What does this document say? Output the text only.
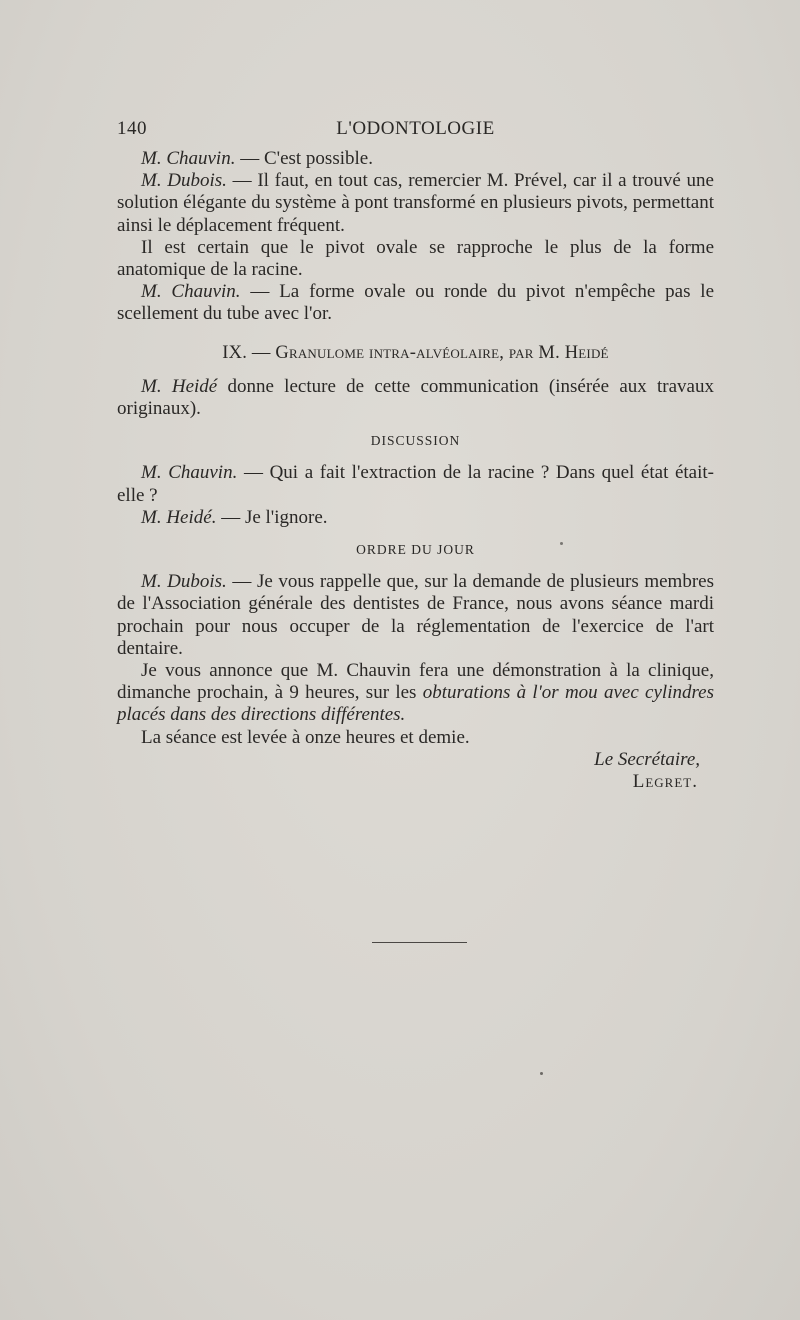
140	L'ODONTOLOGIE

M. Chauvin. — C'est possible.

M. Dubois. — Il faut, en tout cas, remercier M. Prével, car il a trouvé une solution élégante du système à pont transformé en plusieurs pivots, permettant ainsi le déplacement fréquent.

Il est certain que le pivot ovale se rapproche le plus de la forme anatomique de la racine.

M. Chauvin. — La forme ovale ou ronde du pivot n'empêche pas le scellement du tube avec l'or.

IX. — Granulome intra-alvéolaire, par M. Heidé

M. Heidé donne lecture de cette communication (insérée aux travaux originaux).

DISCUSSION

M. Chauvin. — Qui a fait l'extraction de la racine ? Dans quel état était-elle ?

M. Heidé. — Je l'ignore.

ORDRE DU JOUR

M. Dubois. — Je vous rappelle que, sur la demande de plusieurs membres de l'Association générale des dentistes de France, nous avons séance mardi prochain pour nous occuper de la réglementation de l'exercice de l'art dentaire.

Je vous annonce que M. Chauvin fera une démonstration à la clinique, dimanche prochain, à 9 heures, sur les obturations à l'or mou avec cylindres placés dans des directions différentes.

La séance est levée à onze heures et demie.

Le Secrétaire,

Legret.
